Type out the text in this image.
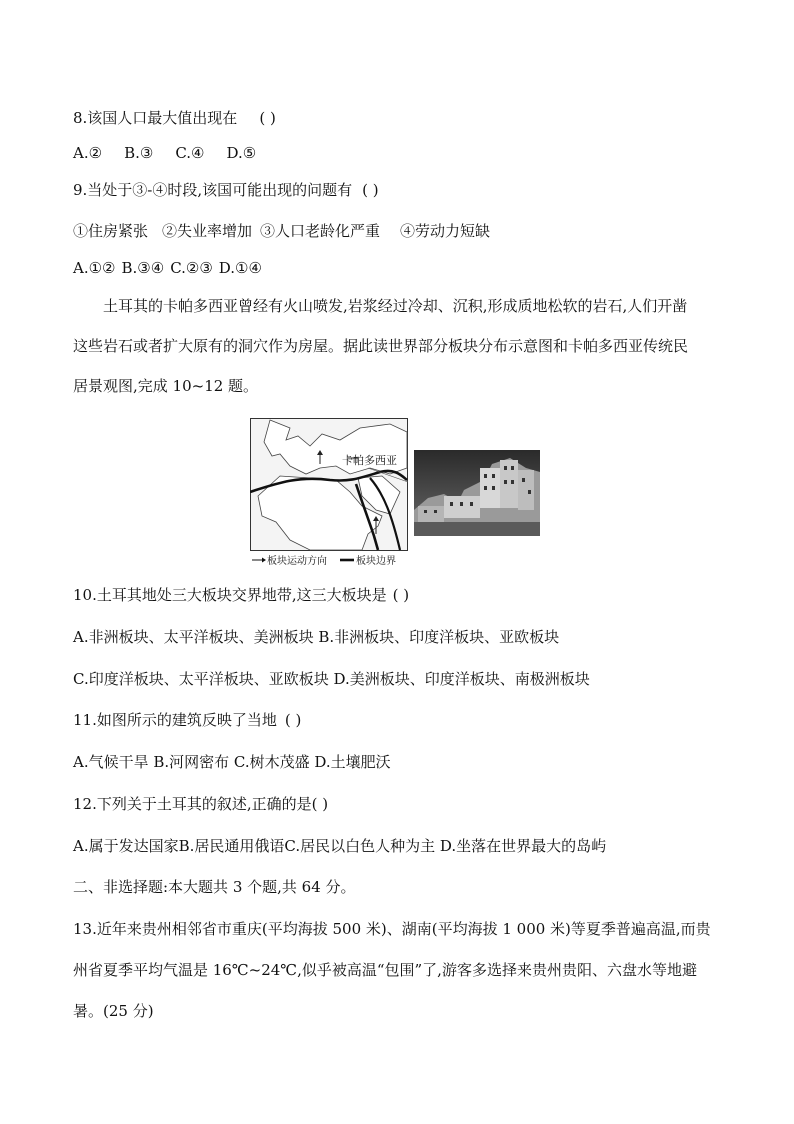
8.该国人口最大值出现在 ( )
A.② B.③ C.④ D.⑤
9.当处于③-④时段,该国可能出现的问题有 ( )
①住房紧张 ②失业率增加 ③人口老龄化严重 ④劳动力短缺
A.①② B.③④ C.②③ D.①④
土耳其的卡帕多西亚曾经有火山喷发,岩浆经过冷却、沉积,形成质地松软的岩石,人们开凿
这些岩石或者扩大原有的洞穴作为房屋。据此读世界部分板块分布示意图和卡帕多西亚传统民
居景观图,完成 10~12 题。
卡帕多西亚
板块运动方向	板块边界
10.土耳其地处三大板块交界地带,这三大板块是 ( )
A.非洲板块、太平洋板块、美洲板块 B.非洲板块、印度洋板块、亚欧板块
C.印度洋板块、太平洋板块、亚欧板块 D.美洲板块、印度洋板块、南极洲板块
11.如图所示的建筑反映了当地 ( )
A.气候干旱 B.河网密布 C.树木茂盛 D.土壤肥沃
12.下列关于土耳其的叙述,正确的是( )
A.属于发达国家B.居民通用俄语C.居民以白色人种为主 D.坐落在世界最大的岛屿
二、非选择题:本大题共 3 个题,共 64 分。
13.近年来贵州相邻省市重庆(平均海拔 500 米)、湖南(平均海拔 1 000 米)等夏季普遍高温,而贵
州省夏季平均气温是 16℃~24℃,似乎被高温“包围”了,游客多选择来贵州贵阳、六盘水等地避
暑。(25 分)
